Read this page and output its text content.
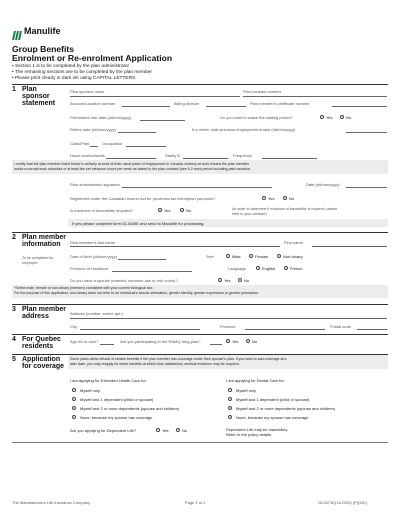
Manulife
Group Benefits
Enrolment or Re-enrolment Application
• Section 1 is to be completed by the plan administrator
• The remaining sections are to be completed by the plan member
• Please print clearly in dark ink using CAPITAL LETTERS.
1 Plan sponsor statement
Plan sponsor name	Plan contract number
Account/Location number	Billing division	Plan member's certificate number
Permanent hire date (dd/mm/yyyy)	Do you want to waive the waiting period?	Yes	No
Rehire date (dd/mm/yyyy)	If a rehire, date previous employment ended (dd/mm/yyyy)
Class/Plan	Occupation
Hours worked/week	Salary $	Frequency
I certify that the plan member listed below is actively at work at their usual place of employment in Canada. Actively at work means the plan member
works a normal work schedule of at least the set minimum hours per week as stated in the plan contract (see 5.2 work period including paid vacation.
Plan administrator signature	Date (dd/mm/yyyy)
Registered under the Canadian Insurer Act for provincial tax exemption purposes?	Yes	No
Is evidence of insurability required?	Yes	No	(In order to determine if evidence of insurability is required, please
refer to your contract.)
If yes please complete form GL3049E and send to Manulife for processing.
2 Plan member information
To be completed by employee
Plan member's last name	First name
Date of birth (dd/mm/yyyy)	Sex*	Male	Female	Non-binary
Province of residence	Language	English	French
Do you have a spouse (married, common-law or civil union)?	Yes	No
*Select male, female or non-binary (intersex) consistent with your current biological sex.
For the purpose of this application, non-binary does not refer to an individual's sexual orientation, gender identity, gender expression or gender perception.
3 Plan member address	Address (number, street, apt.)
City	Province	Postal code
4 For Quebec residents
Age 65 or over?	Are you participating in the RAMQ drug plan?	Yes	No
5 Application for coverage
Some plans allow refusal of certain benefits if the plan member has coverage under their spouse's plan. If you wish to add coverage at a
later date, you may reapply for these benefits at which time satisfactory medical evidence may be required.
I am applying for Extended Health Care for:	I am applying for Dental Care for:
Myself only
Myself and 1 dependent (child or spouse)
Myself and 2 or more dependents (spouse and children)
None, because my spouse has coverage
Myself only
Myself and 1 dependent (child or spouse)
Myself and 2 or more dependents (spouse and children)
None, because my spouse has coverage
Are you applying for Dependent Life?	Yes	No	Dependent Life may be mandatory.
Refer to the policy details.
The Manufacturers Life Insurance Company	Page 1 of 2	GL3371E(11/2023) (P)(MC)
